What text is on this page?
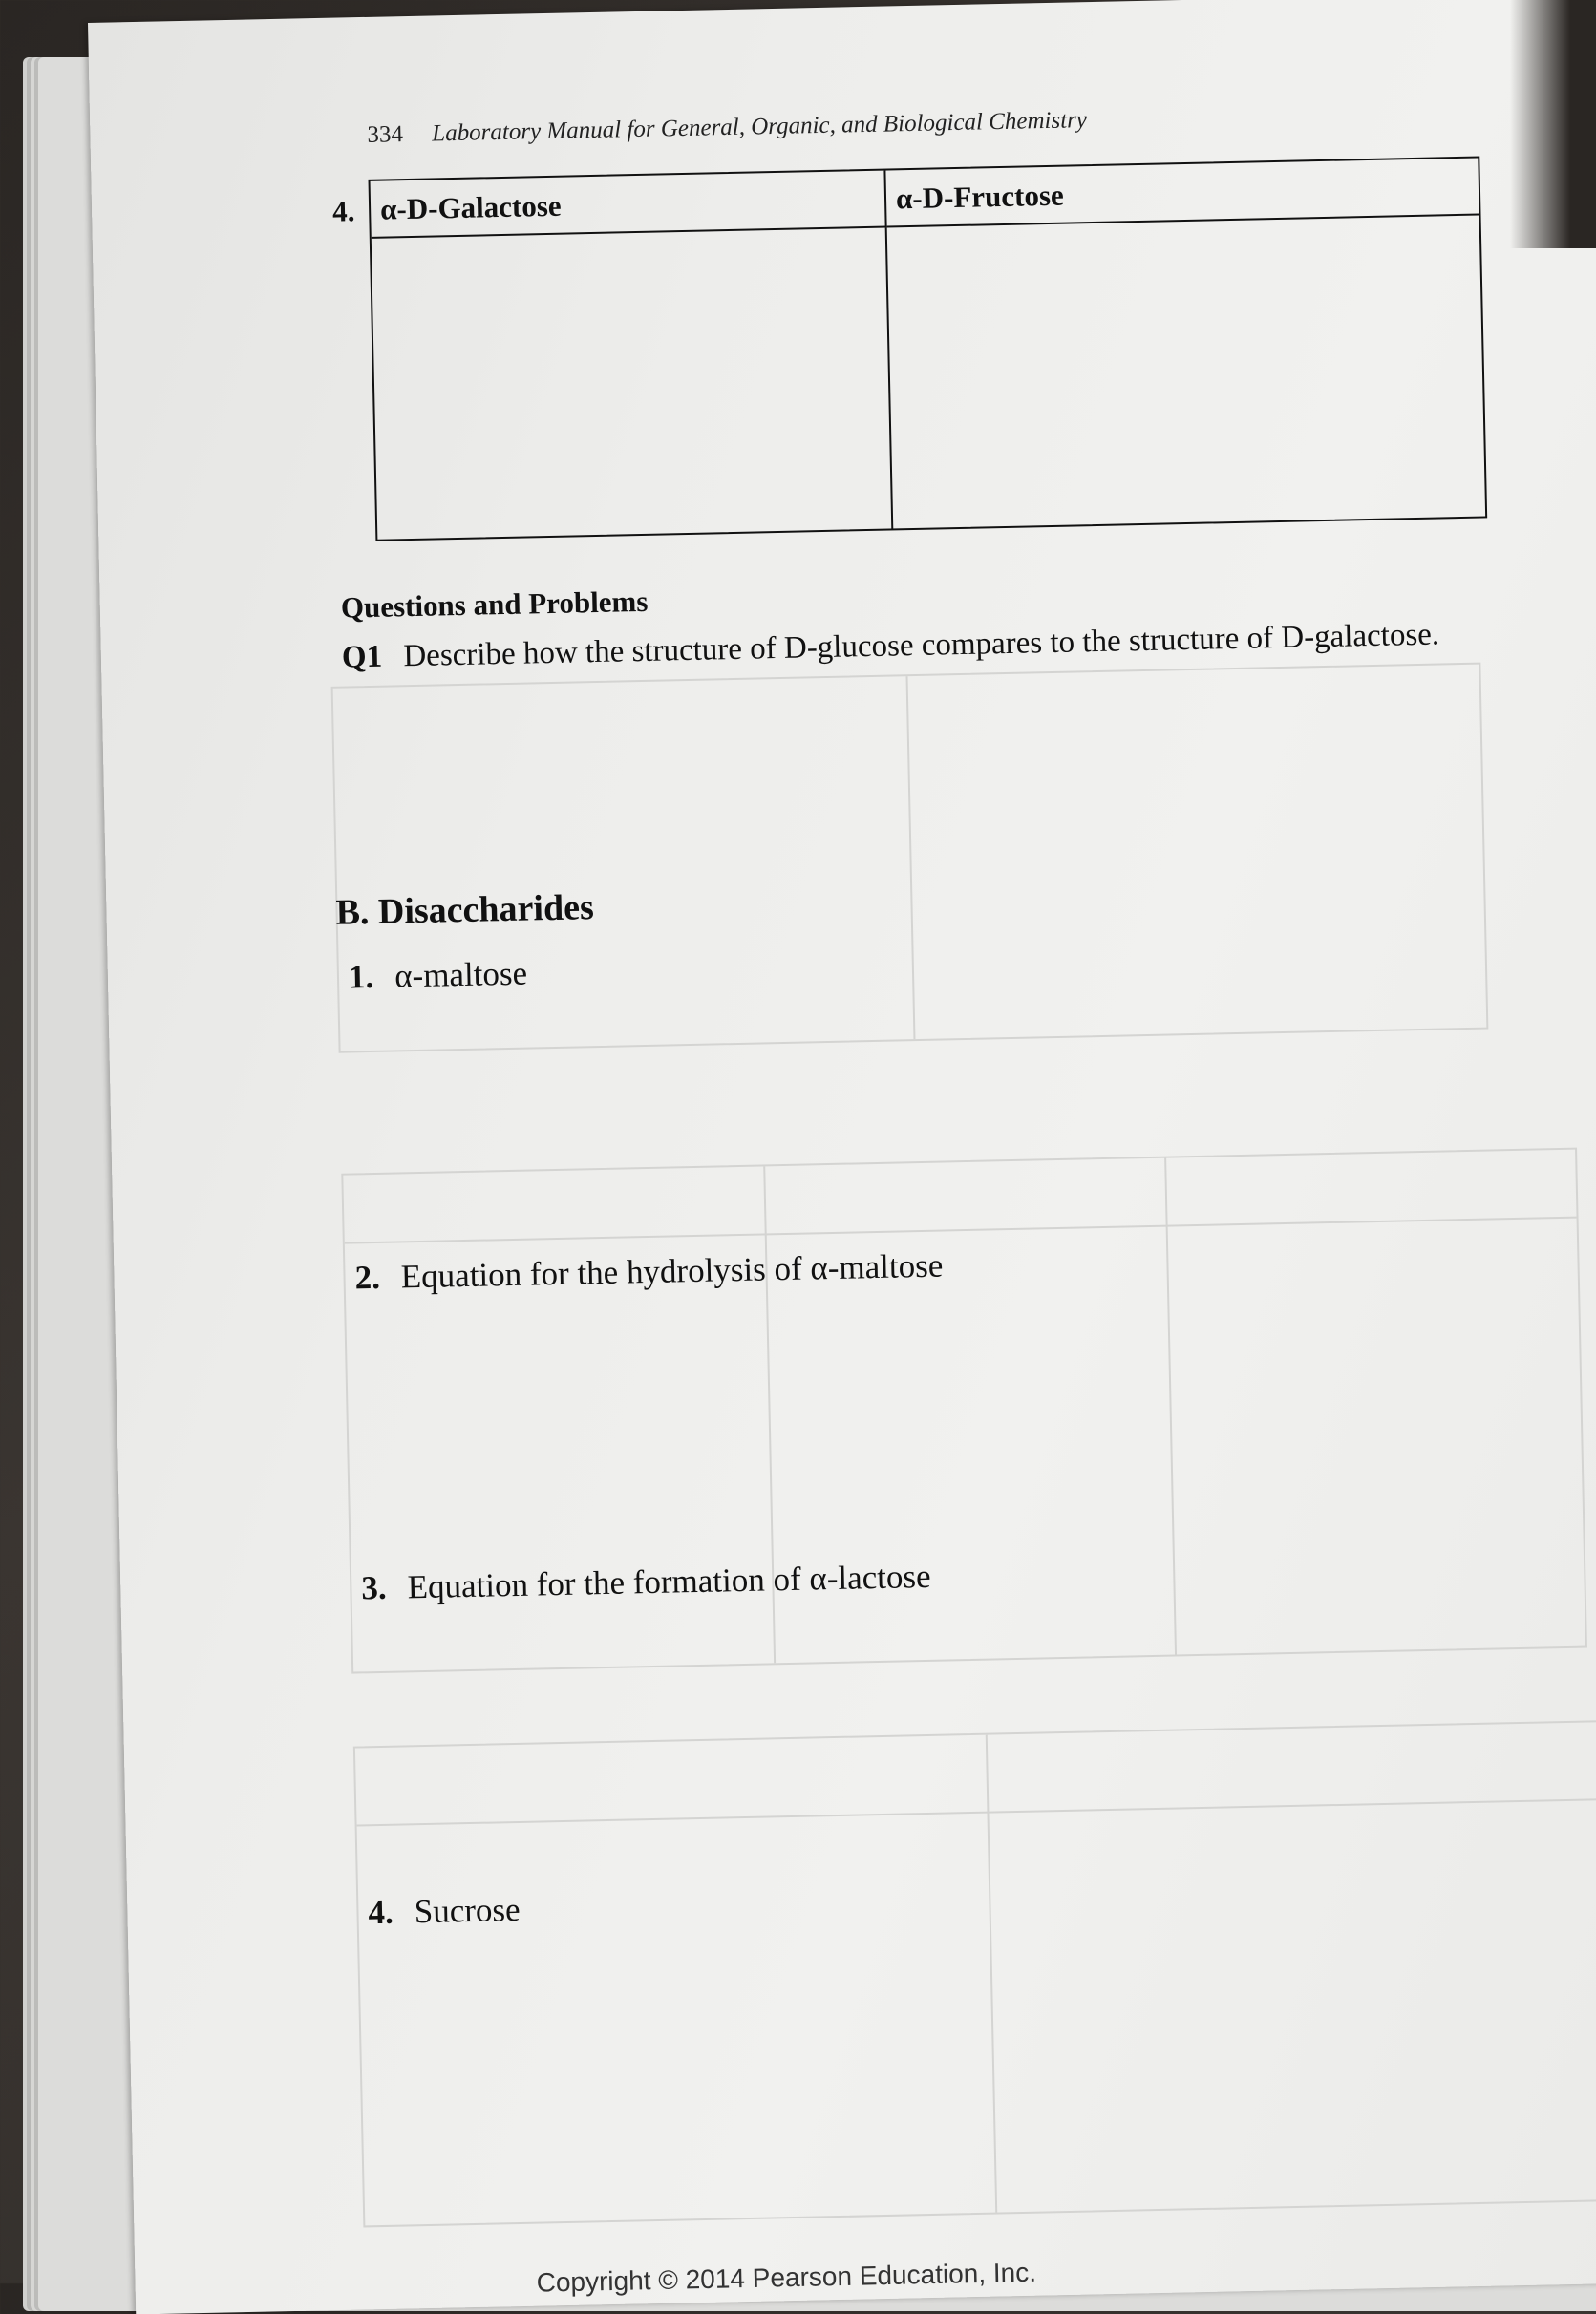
334 Laboratory Manual for General, Organic, and Biological Chemistry
4. α-D-Galactose	α-D-Fructose
Questions and Problems
Q1 Describe how the structure of D-glucose compares to the structure of D-galactose.
B. Disaccharides
1. α-maltose
2. Equation for the hydrolysis of α-maltose
3. Equation for the formation of α-lactose
4. Sucrose
Copyright © 2014 Pearson Education, Inc.
